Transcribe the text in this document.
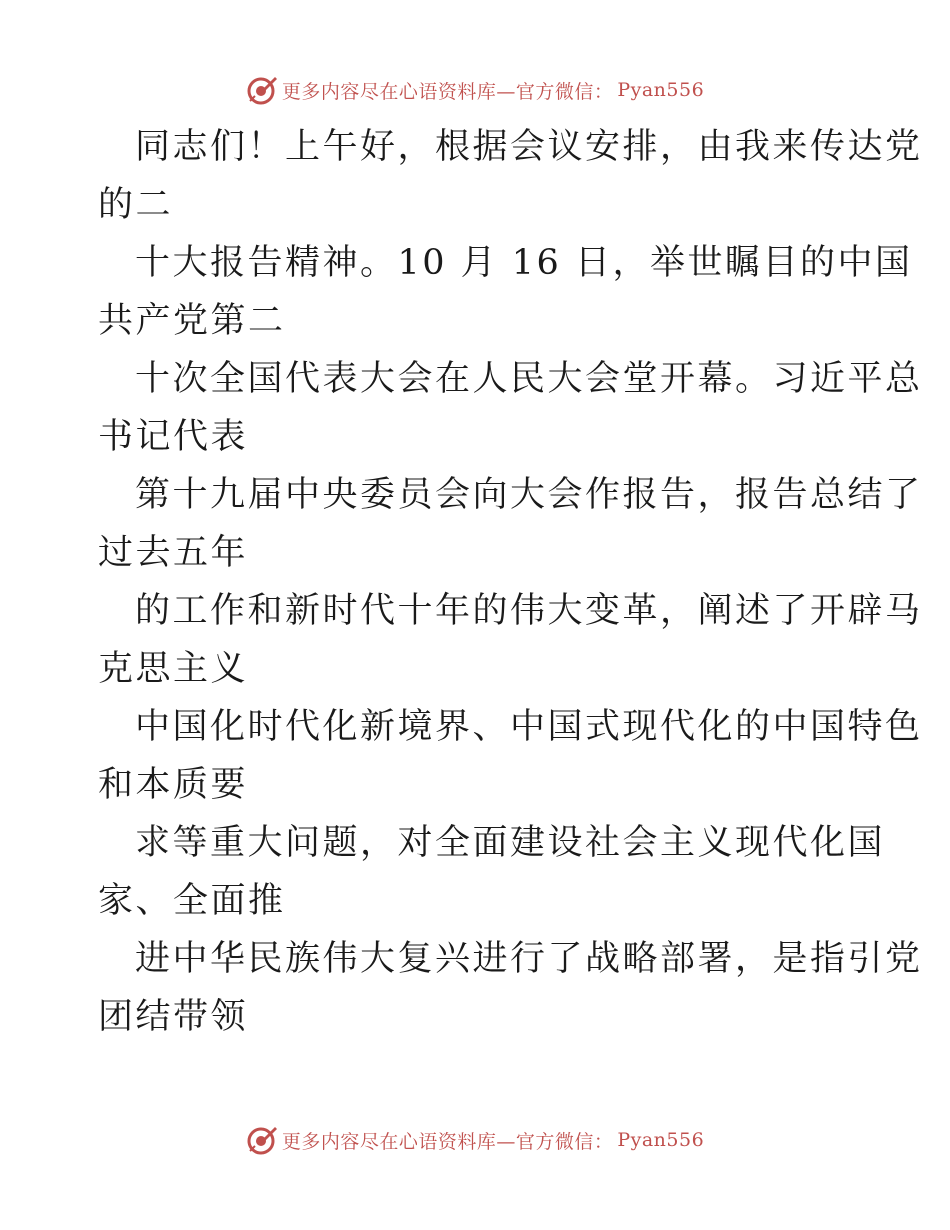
更多内容尽在心语资料库—官方微信： Pyan556
同志们！上午好，根据会议安排，由我来传达党
的二
十大报告精神。10 月 16 日，举世瞩目的中国
共产党第二
十次全国代表大会在人民大会堂开幕。习近平总
书记代表
第十九届中央委员会向大会作报告，报告总结了
过去五年
的工作和新时代十年的伟大变革，阐述了开辟马
克思主义
中国化时代化新境界、中国式现代化的中国特色
和本质要
求等重大问题，对全面建设社会主义现代化国
家、全面推
进中华民族伟大复兴进行了战略部署，是指引党
团结带领
更多内容尽在心语资料库—官方微信： Pyan556
